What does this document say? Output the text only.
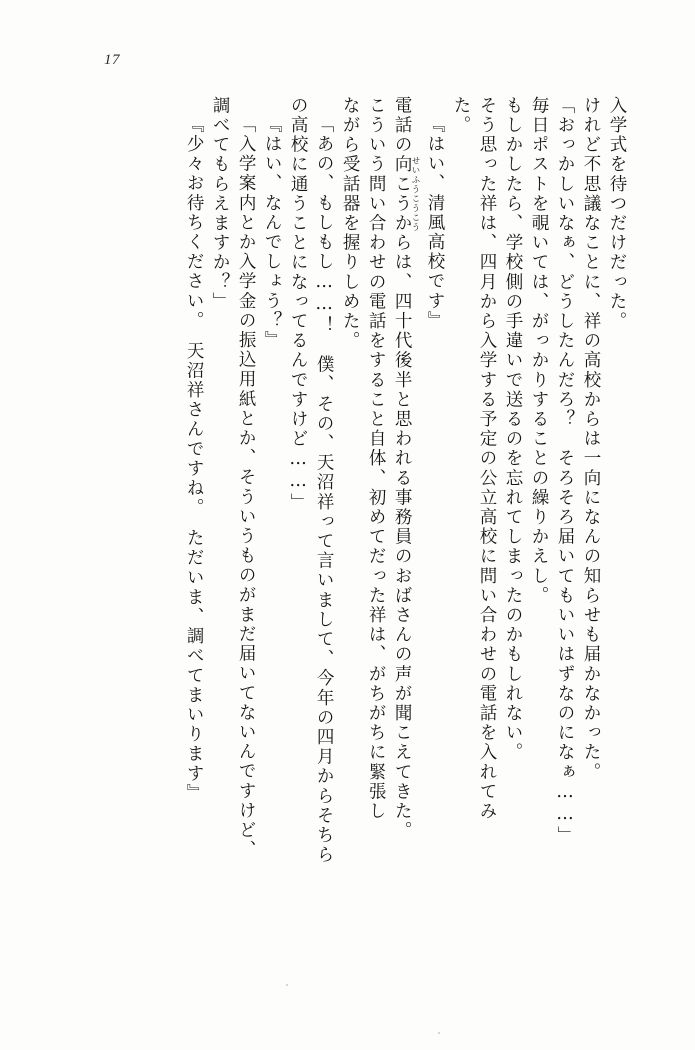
17
『少々お待ちください。　天沼祥さんですね。　ただいま、調べてまいります』 調べてもらえますか？」 「入学案内とか入学金の振込用紙とか、そういうものがまだ届いてないんですけど、 『はい、なんでしょう？』 の高校に通うことになってるんですけど……」 「あの、もしもし……！　僕、その、天沼祥って言いまして、今年の四月からそちら ながら受話器を握りしめた。 こういう問い合わせの電話をすること自体、初めてだった祥は、がちがちに緊張し 電話の向こうからは、四十代後半と思われる事務員のおばさんの声が聞こえてきた。
せいふうこうこう 『はい、清風高校です』 た。 そう思った祥は、四月から入学する予定の公立高校に問い合わせの電話を入れてみ もしかしたら、学校側の手違いで送るのを忘れてしまったのかもしれない。 毎日ポストを覗いては、がっかりすることの繰りかえし。 「おっかしいなぁ、どうしたんだろ？　そろそろ届いてもいいはずなのになぁ……」 けれど不思議なことに、祥の高校からは一向になんの知らせも届かなかった。 入学式を待つだけだった。
